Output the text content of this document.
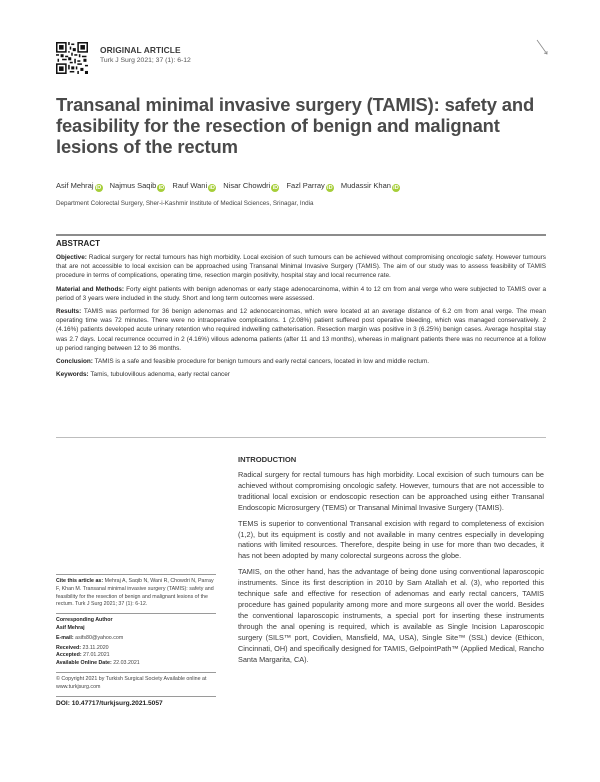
ORIGINAL ARTICLE
Turk J Surg 2021; 37 (1): 6-12
Transanal minimal invasive surgery (TAMIS): safety and feasibility for the resection of benign and malignant lesions of the rectum
Asif Mehraj iD Najmus Saqib iD Rauf Wani iD Nisar Chowdri iD Fazl Parray iD Mudassir Khan iD
Department Colorectal Surgery, Sher-i-Kashmir Institute of Medical Sciences, Srinagar, India
ABSTRACT

Objective: Radical surgery for rectal tumours has high morbidity. Local excision of such tumours can be achieved without compromising oncologic safety. However tumours that are not accessible to local excision can be approached using Transanal Minimal Invasive Surgery (TAMIS). The aim of our study was to assess feasibility of TAMIS procedure in terms of complications, operating time, resection margin positivity, hospital stay and local recurrence rate.

Material and Methods: Forty eight patients with benign adenomas or early stage adenocarcinoma, within 4 to 12 cm from anal verge who were subjected to TAMIS over a period of 3 years were included in the study. Short and long term outcomes were assessed.

Results: TAMIS was performed for 36 benign adenomas and 12 adenocarcinomas, which were located at an average distance of 6.2 cm from anal verge. The mean operating time was 72 minutes. There were no intraoperative complications. 1 (2.08%) patient suffered post operative bleeding, which was managed conservatively. 2 (4.16%) patients developed acute urinary retention who required indwelling catheterisation. Resection margin was positive in 3 (6.25%) benign cases. Average hospital stay was 2.7 days. Local recurrence occurred in 2 (4.16%) villous adenoma patients (after 11 and 13 months), whereas in malignant patients there was no recurrence at a follow up period ranging between 12 to 36 months.

Conclusion: TAMIS is a safe and feasible procedure for benign tumours and early rectal cancers, located in low and middle rectum.

Keywords: Tamis, tubulovillous adenoma, early rectal cancer

Cite this article as: Mehraj A, Saqib N, Wani R, Chowdri N, Parray F, Khan M. Transanal minimal invasive surgery (TAMIS): safety and feasibility for the resection of benign and malignant lesions of the rectum. Turk J Surg 2021; 37 (1): 6-12.
Corresponding Author
Asif Mehraj
E-mail: asifs80@yahoo.com
Received: 23.11.2020
Accepted: 27.01.2021
Available Online Date: 22.03.2021
© Copyright 2021 by Turkish Surgical Society Available online at www.turkjsurg.com
DOI: 10.47717/turkjsurg.2021.5057
INTRODUCTION

Radical surgery for rectal tumours has high morbidity. Local excision of such tumours can be achieved without compromising oncologic safety. However, tumours that are not accessible to traditional local excision or endoscopic resection can be approached using either Transanal Endoscopic Microsurgery (TEMS) or Transanal Minimal Invasive Surgery (TAMIS).

TEMS is superior to conventional Transanal excision with regard to completeness of excision (1,2), but its equipment is costly and not available in many centres especially in developing nations with limited resources. Therefore, despite being in use for more than two decades, it has not been adopted by many colorectal surgeons across the globe.

TAMIS, on the other hand, has the advantage of being done using conventional laparoscopic instruments. Since its first description in 2010 by Sam Atallah et al. (3), who reported this technique safe and effective for resection of adenomas and early rectal cancers, TAMIS procedure has gained popularity among more and more surgeons all over the world. Besides the conventional laparoscopic instruments, a special port for inserting these instruments through the anal opening is required, which is available as Single Incision Laparoscopic surgery (SILS™ port, Covidien, Mansfield, MA, USA), Single Site™ (SSL) device (Ethicon, Cincinnati, OH) and specifically designed for TAMIS, GelpointPath™ (Applied Medical, Rancho Santa Margarita, CA).
